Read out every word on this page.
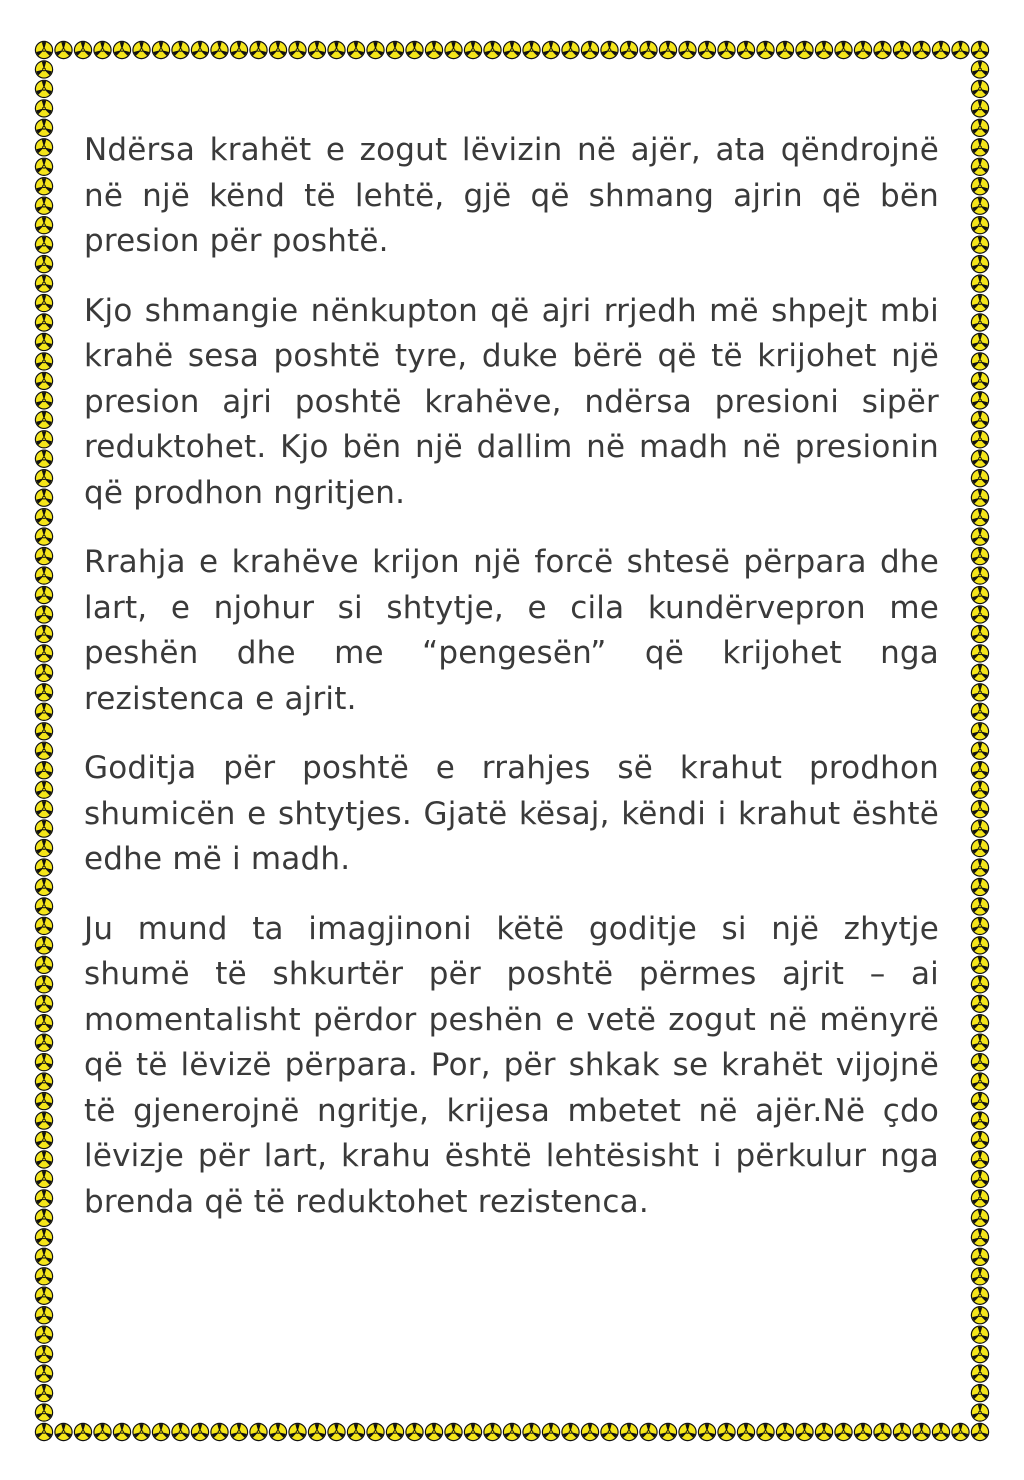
Ndërsa krahët e zogut lëvizin në ajër, ata qëndrojnë në një kënd të lehtë, gjë që shmang ajrin që bën presion për poshtë.

Kjo shmangie nënkupton që ajri rrjedh më shpejt mbi krahë sesa poshtë tyre, duke bërë që të krijohet një presion ajri poshtë krahëve, ndërsa presioni sipër reduktohet. Kjo bën një dallim në madh në presionin që prodhon ngritjen.

Rrahja e krahëve krijon një forcë shtesë përpara dhe lart, e njohur si shtytje, e cila kundërvepron me peshën dhe me “pengesën” që krijohet nga rezistenca e ajrit.

Goditja për poshtë e rrahjes së krahut prodhon shumicën e shtytjes. Gjatë kësaj, këndi i krahut është edhe më i madh.

Ju mund ta imagjinoni këtë goditje si një zhytje shumë të shkurtër për poshtë përmes ajrit – ai momentalisht përdor peshën e vetë zogut në mënyrë që të lëvizë përpara. Por, për shkak se krahët vijojnë të gjenerojnë ngritje, krijesa mbetet në ajër.Në çdo lëvizje për lart, krahu është lehtësisht i përkulur nga brenda që të reduktohet rezistenca.
